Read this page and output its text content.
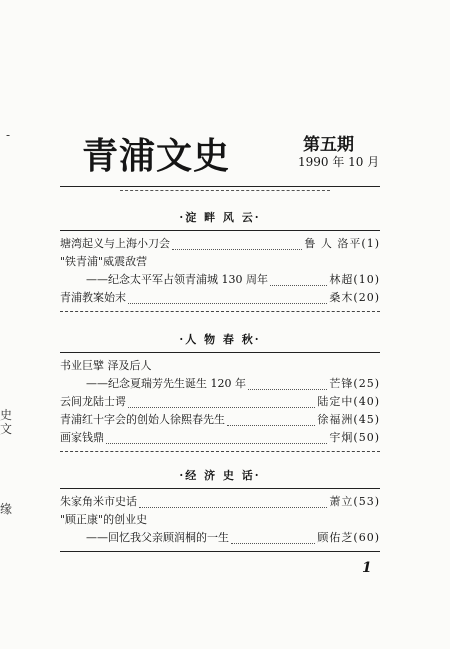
-
史
文
缘
青浦文史	第五期
1990 年 10 月
·淀 畔 风 云·
塘湾起义与上海小刀会	鲁 人 洛 平(1)
"铁青浦"威震敌营
——纪念太平军占领青浦城 130 周年	林 超(10)
青浦教案始末	桑 木(20)
·人 物 春 秋·
书业巨擘 泽及后人
——纪念夏瑞芳先生诞生 120 年	芒 锋(25)
云间龙陆士谔	陆定中 (40)
青浦红十字会的创始人徐熙春先生	徐福洲 (45)
画家钱鼎	宇 炯(50)
·经 济 史 话·
朱家角米市史话	萧 立(53)
"顾正康"的创业史
——回忆我父亲顾润桐的一生	顾佑芝 (60)
1
